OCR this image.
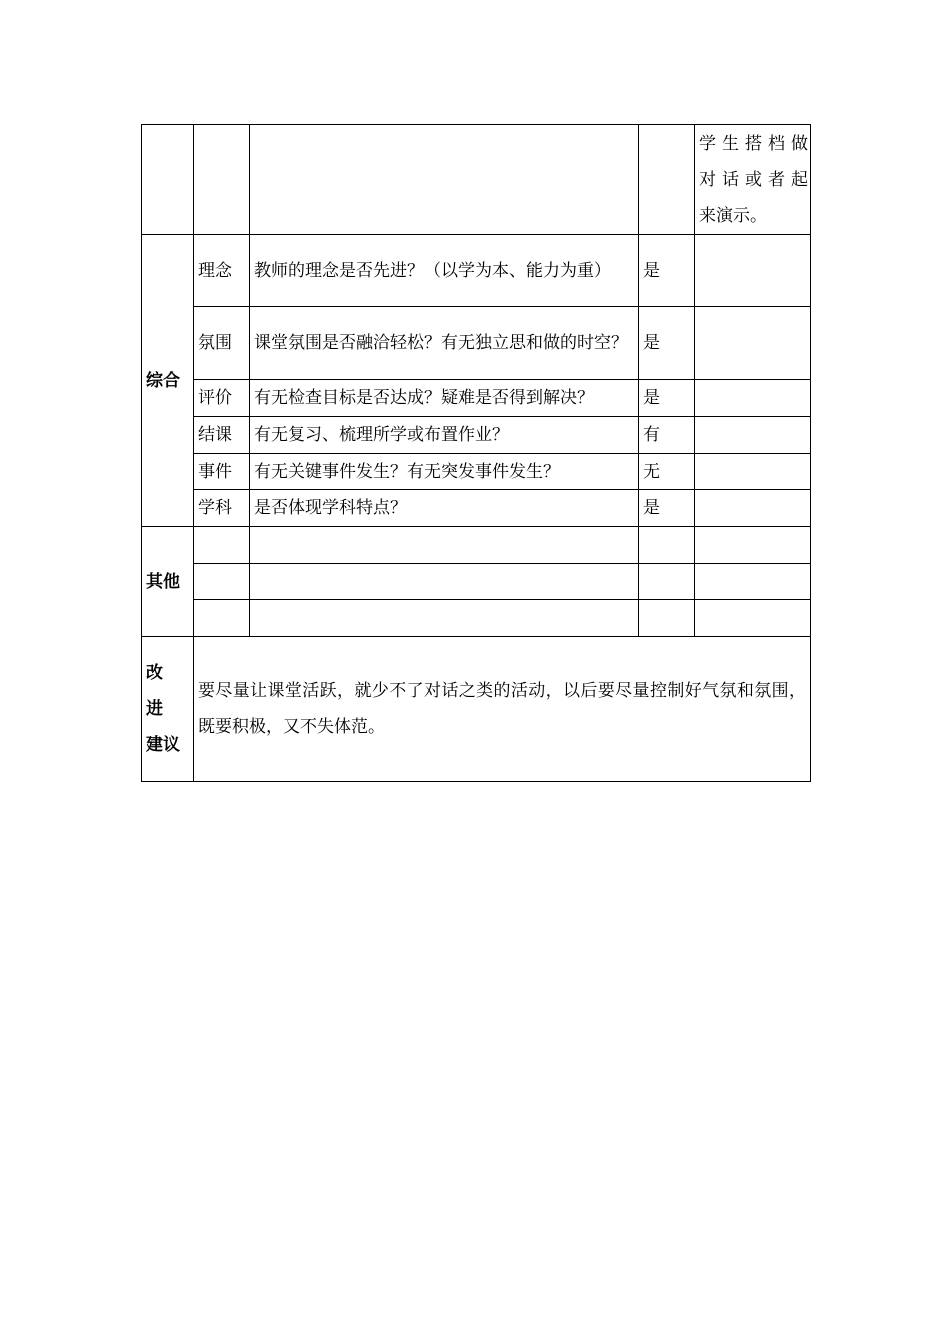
				学生搭档做
对话或者起
来演示。

综合	理念	教师的理念是否先进？（以学为本、能力为重）	是	
	氛围	课堂氛围是否融洽轻松？有无独立思和做的时空？	是	
	评价	有无检查目标是否达成？疑难是否得到解决？	是	
	结课	有无复习、梳理所学或布置作业？	有	
	事件	有无关键事件发生？有无突发事件发生？	无	
	学科	是否体现学科特点？	是	
其他				

改进
建议	要尽量让课堂活跃，就少不了对话之类的活动，以后要尽量控制好气氛和氛围，既要积极，又不失体范。			
